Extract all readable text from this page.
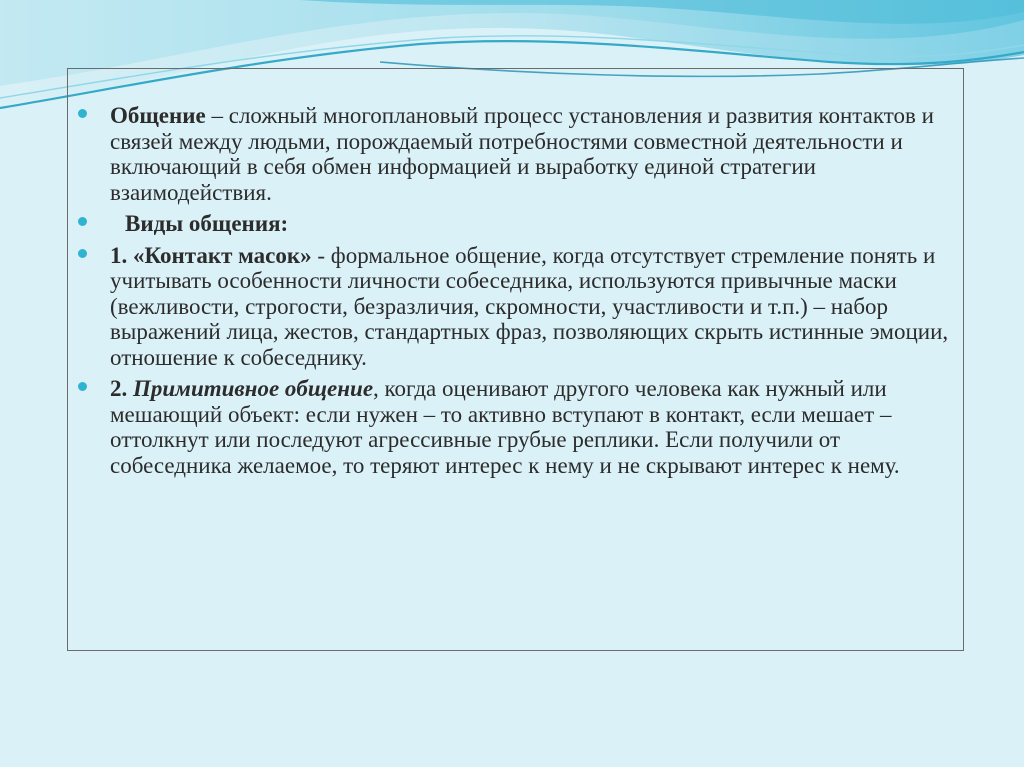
Общение – сложный многоплановый процесс установления и развития контактов и связей между людьми, порождаемый потребностями совместной деятельности и включающий в себя обмен информацией и выработку единой стратегии взаимодействия.
Виды общения:
1. «Контакт масок» - формальное общение, когда отсутствует стремление понять и учитывать особенности личности собеседника, используются привычные маски (вежливости, строгости, безразличия, скромности, участливости и т.п.) – набор выражений лица, жестов, стандартных фраз, позволяющих скрыть истинные эмоции, отношение к собеседнику.
2. Примитивное общение, когда оценивают другого человека как нужный или мешающий объект: если нужен – то активно вступают в контакт, если мешает – оттолкнут или последуют агрессивные грубые реплики. Если получили от собеседника желаемое, то теряют интерес к нему и не скрывают интерес к нему.
